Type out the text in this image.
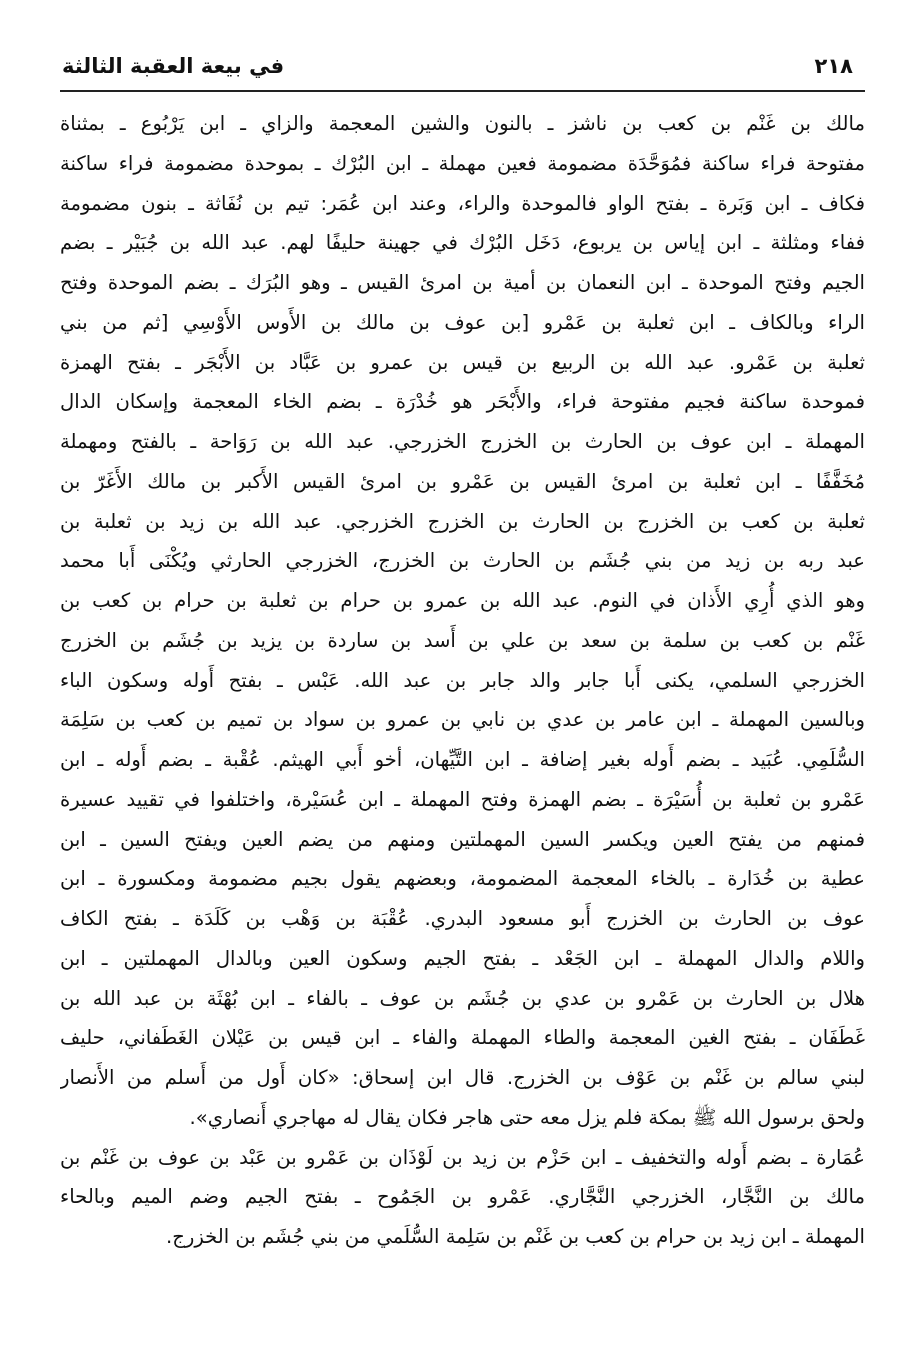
٢١٨
في بيعة العقبة الثالثة
مالك بن غَنْم بن كعب بن ناشز ـ بالنون والشين المعجمة والزاي ـ ابن يَرْبُوع ـ بمثناة
مفتوحة فراء ساكنة فمُوَحَّدَة مضمومة فعين مهملة ـ ابن البُرْك ـ بموحدة مضمومة فراء ساكنة
فكاف ـ ابن وَبَرة ـ بفتح الواو فالموحدة والراء، وعند ابن عُمَر: تيم بن نُفَاثة ـ بنون مضمومة
ففاء ومثلثة ـ ابن إياس بن يربوع، دَخَل البُرْك في جهينة حليفًا لهم. عبد الله بن جُبَيْر ـ بضم
الجيم وفتح الموحدة ـ ابن النعمان بن أمية بن امرئ القيس ـ وهو البُرَك ـ بضم الموحدة وفتح
الراء وبالكاف ـ ابن ثعلبة بن عَمْرو [بن عوف بن مالك بن الأَوس الأَوْسِي [ثم من بني
ثعلبة بن عَمْرو. عبد الله بن الربيع بن قيس بن عمرو بن عَبَّاد بن الأَبْجَر ـ بفتح الهمزة
فموحدة ساكنة فجيم مفتوحة فراء، والأَبْحَر هو خُدْرَة ـ بضم الخاء المعجمة وإسكان الدال
المهملة ـ ابن عوف بن الحارث بن الخزرج الخزرجي. عبد الله بن رَوَاحة ـ بالفتح ومهملة
مُخَفَّفًا ـ ابن ثعلبة بن امرئ القيس بن عَمْرو بن امرئ القيس الأَكبر بن مالك الأَغَرّ بن
ثعلبة بن كعب بن الخزرج بن الحارث بن الخزرج الخزرجي. عبد الله بن زيد بن ثعلبة بن
عبد ربه بن زيد من بني جُشَم بن الحارث بن الخزرج، الخزرجي الحارثي ويُكْنَى أَبا محمد
وهو الذي أُرِي الأَذان في النوم. عبد الله بن عمرو بن حرام بن ثعلبة بن حرام بن كعب بن
غَنْم بن كعب بن سلمة بن سعد بن علي بن أَسد بن ساردة بن يزيد بن جُشَم بن الخزرج
الخزرجي السلمي، يكنى أَبا جابر والد جابر بن عبد الله. عَبْس ـ بفتح أَوله وسكون الباء
وبالسين المهملة ـ ابن عامر بن عدي بن نابي بن عمرو بن سواد بن تميم بن كعب بن سَلِمَة
السُّلَمِي. عُبَيد ـ بضم أَوله بغير إضافة ـ ابن التَّيِّهان، أخو أَبي الهيثم. عُقْبة ـ بضم أَوله ـ ابن
عَمْرو بن ثعلبة بن أُسَيْرَة ـ بضم الهمزة وفتح المهملة ـ ابن عُسَيْرة، واختلفوا في تقييد عسيرة
فمنهم من يفتح العين ويكسر السين المهملتين ومنهم من يضم العين ويفتح السين ـ ابن
عطية بن خُدَارة ـ بالخاء المعجمة المضمومة، وبعضهم يقول بجيم مضمومة ومكسورة ـ ابن
عوف بن الحارث بن الخزرج أَبو مسعود البدري. عُقْبَة بن وَهْب بن كَلَدَة ـ بفتح الكاف
واللام والدال المهملة ـ ابن الجَعْد ـ بفتح الجيم وسكون العين وبالدال المهملتين ـ ابن
هلال بن الحارث بن عَمْرو بن عدي بن جُشَم بن عوف ـ بالفاء ـ ابن بُهْثَة بن عبد الله بن
غَطَفَان ـ بفتح الغين المعجمة والطاء المهملة والفاء ـ ابن قيس بن عَيْلان الغَطَفاني، حليف
لبني سالم بن غَنْم بن عَوْف بن الخزرج. قال ابن إسحاق: «كان أَول من أَسلم من الأَنصار
ولحق برسول الله ﷺ بمكة فلم يزل معه حتى هاجر فكان يقال له مهاجري أَنصاري».
عُمَارة ـ بضم أَوله والتخفيف ـ ابن حَزْم بن زيد بن لَوْذَان بن عَمْرو بن عَبْد بن عوف بن غَنْم بن
مالك بن النَّجَّار، الخزرجي النَّجَّاري. عَمْرو بن الجَمُوح ـ بفتح الجيم وضم الميم وبالحاء
المهملة ـ ابن زيد بن حرام بن كعب بن غَنْم بن سَلِمة السُّلَمي من بني جُشَم بن الخزرج.
